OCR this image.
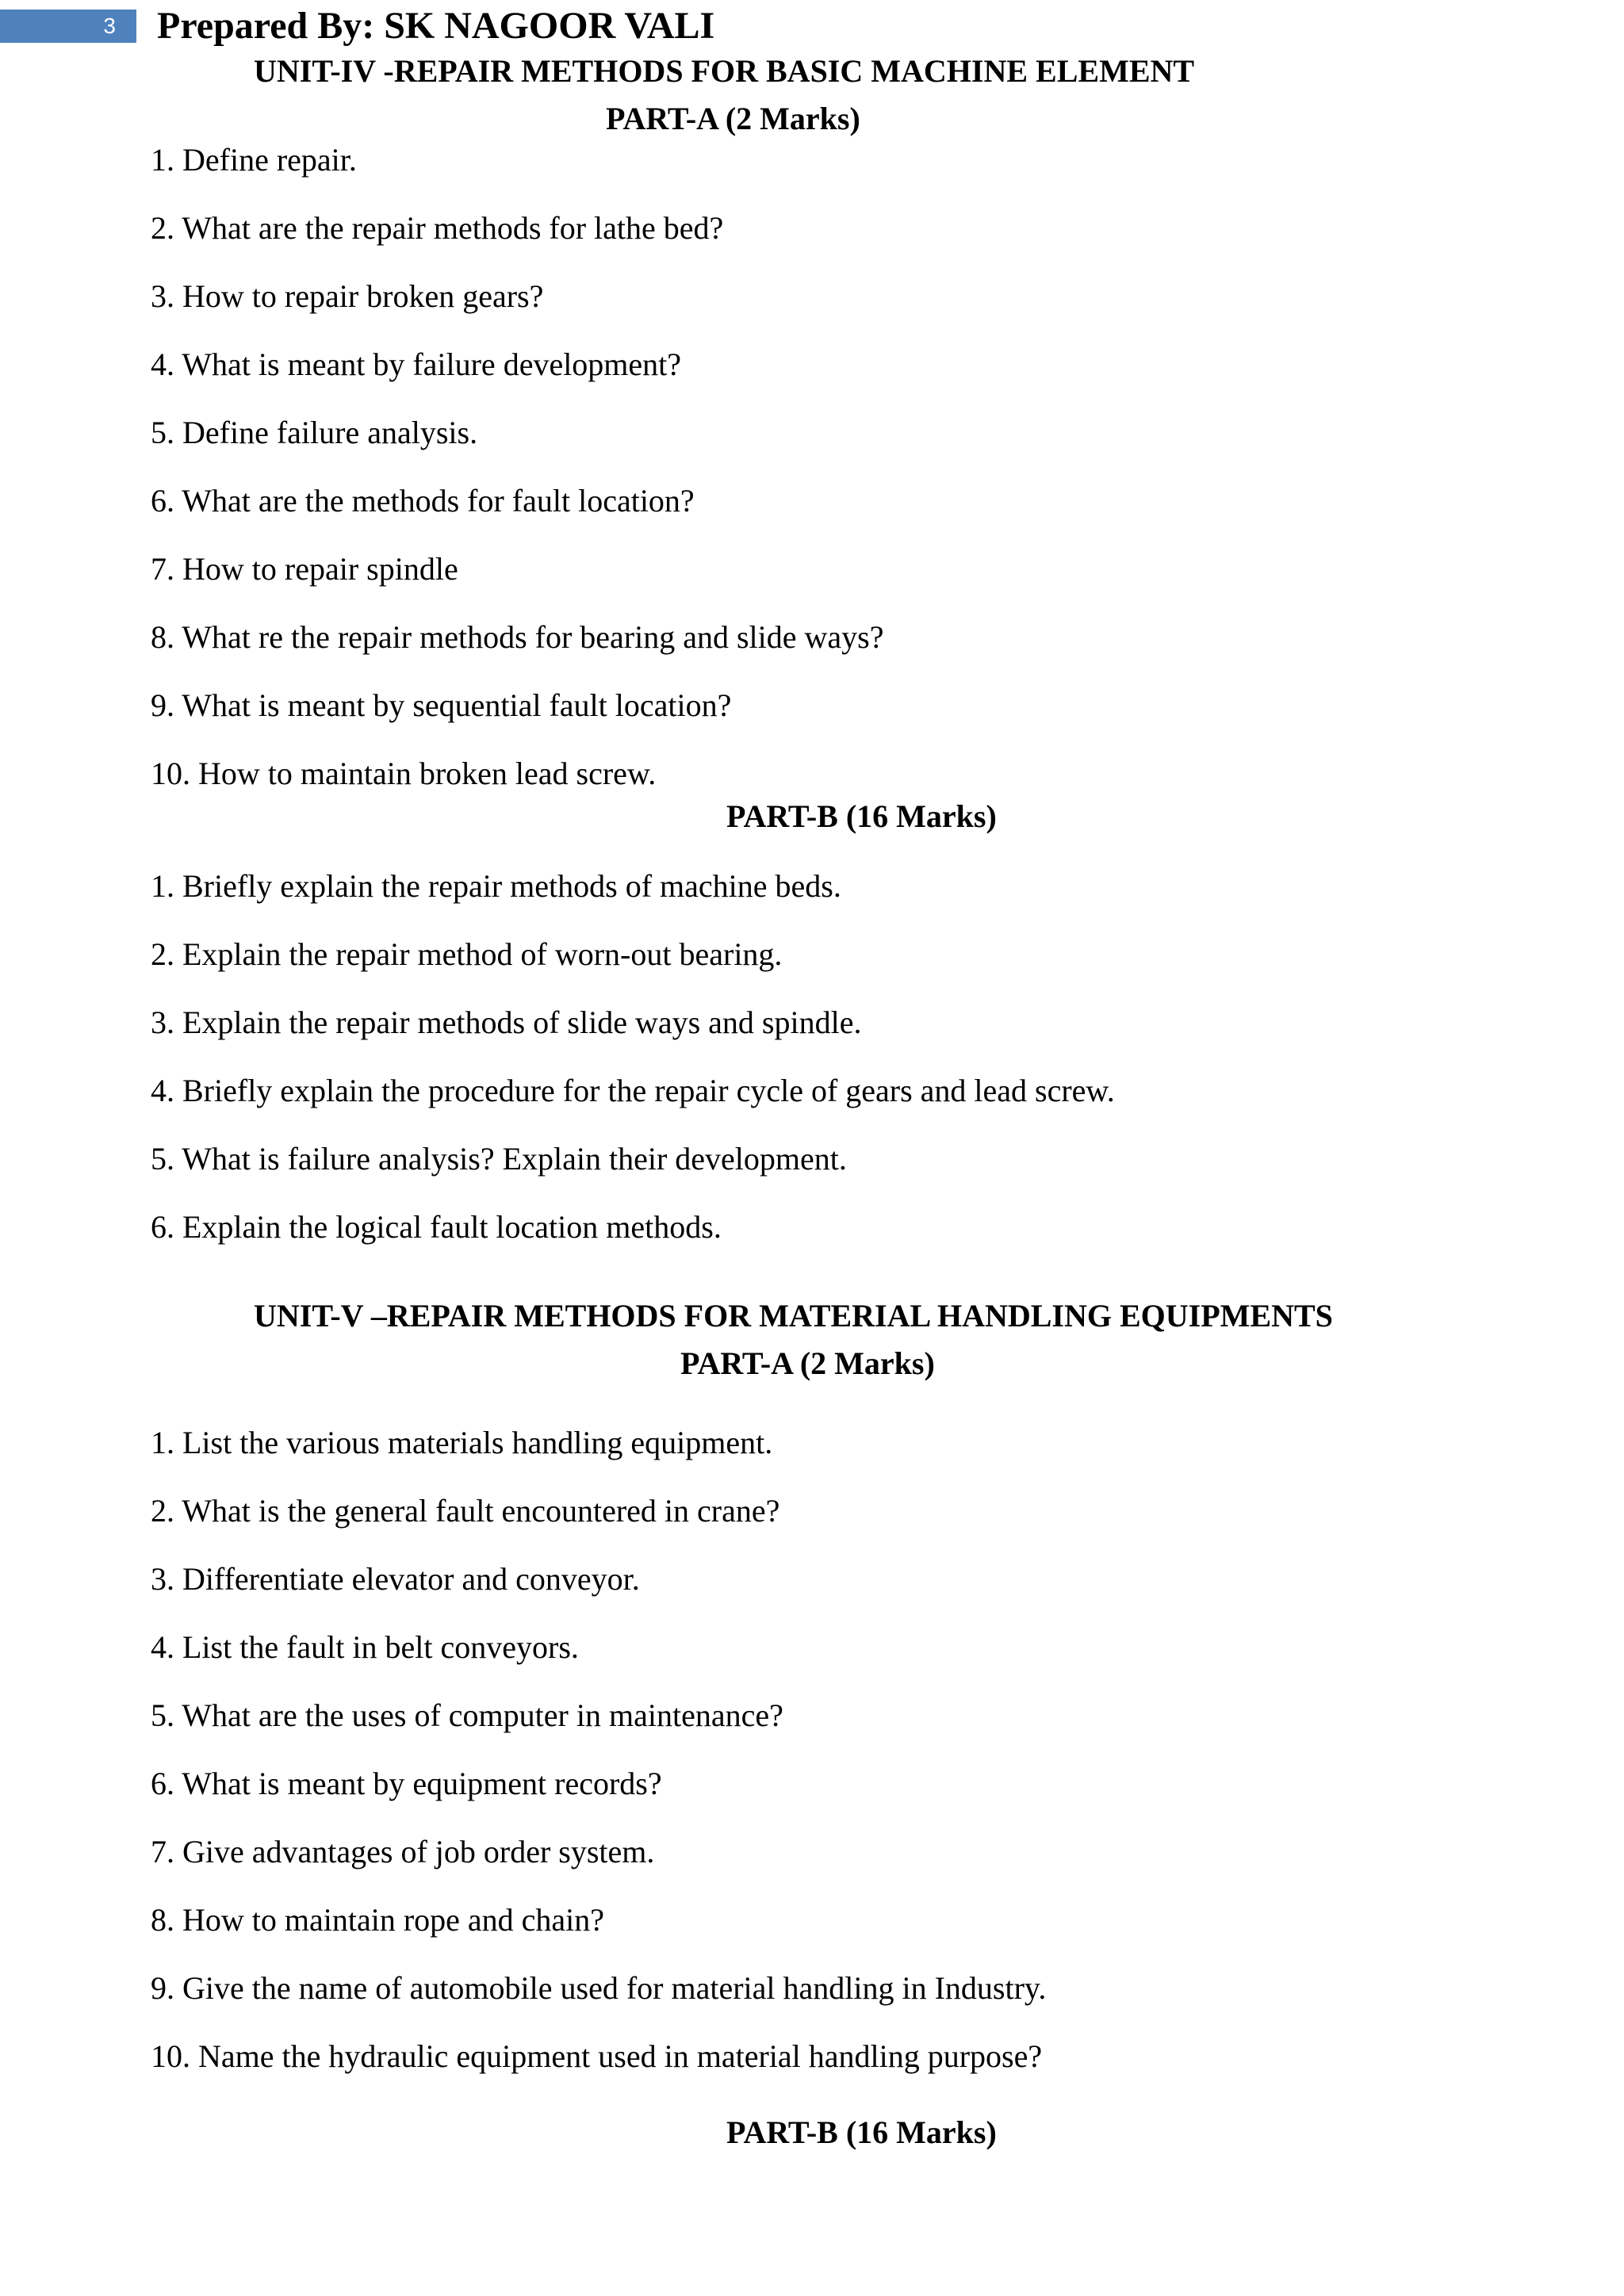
3	Prepared By: SK NAGOOR VALI
UNIT-IV -REPAIR METHODS FOR BASIC MACHINE ELEMENT
PART-A (2 Marks)
1. Define repair.
2. What are the repair methods for lathe bed?
3. How to repair broken gears?
4. What is meant by failure development?
5. Define failure analysis.
6. What are the methods for fault location?
7. How to repair spindle
8. What re the repair methods for bearing and slide ways?
9. What is meant by sequential fault location?
10. How to maintain broken lead screw.
PART-B (16 Marks)
1. Briefly explain the repair methods of machine beds.
2. Explain the repair method of worn-out bearing.
3. Explain the repair methods of slide ways and spindle.
4. Briefly explain the procedure for the repair cycle of gears and lead screw.
5. What is failure analysis? Explain their development.
6. Explain the logical fault location methods.
UNIT-V –REPAIR METHODS FOR MATERIAL HANDLING EQUIPMENTS
PART-A (2 Marks)
1. List the various materials handling equipment.
2. What is the general fault encountered in crane?
3. Differentiate elevator and conveyor.
4. List the fault in belt conveyors.
5. What are the uses of computer in maintenance?
6. What is meant by equipment records?
7. Give advantages of job order system.
8. How to maintain rope and chain?
9. Give the name of automobile used for material handling in Industry.
10. Name the hydraulic equipment used in material handling purpose?
PART-B (16 Marks)
